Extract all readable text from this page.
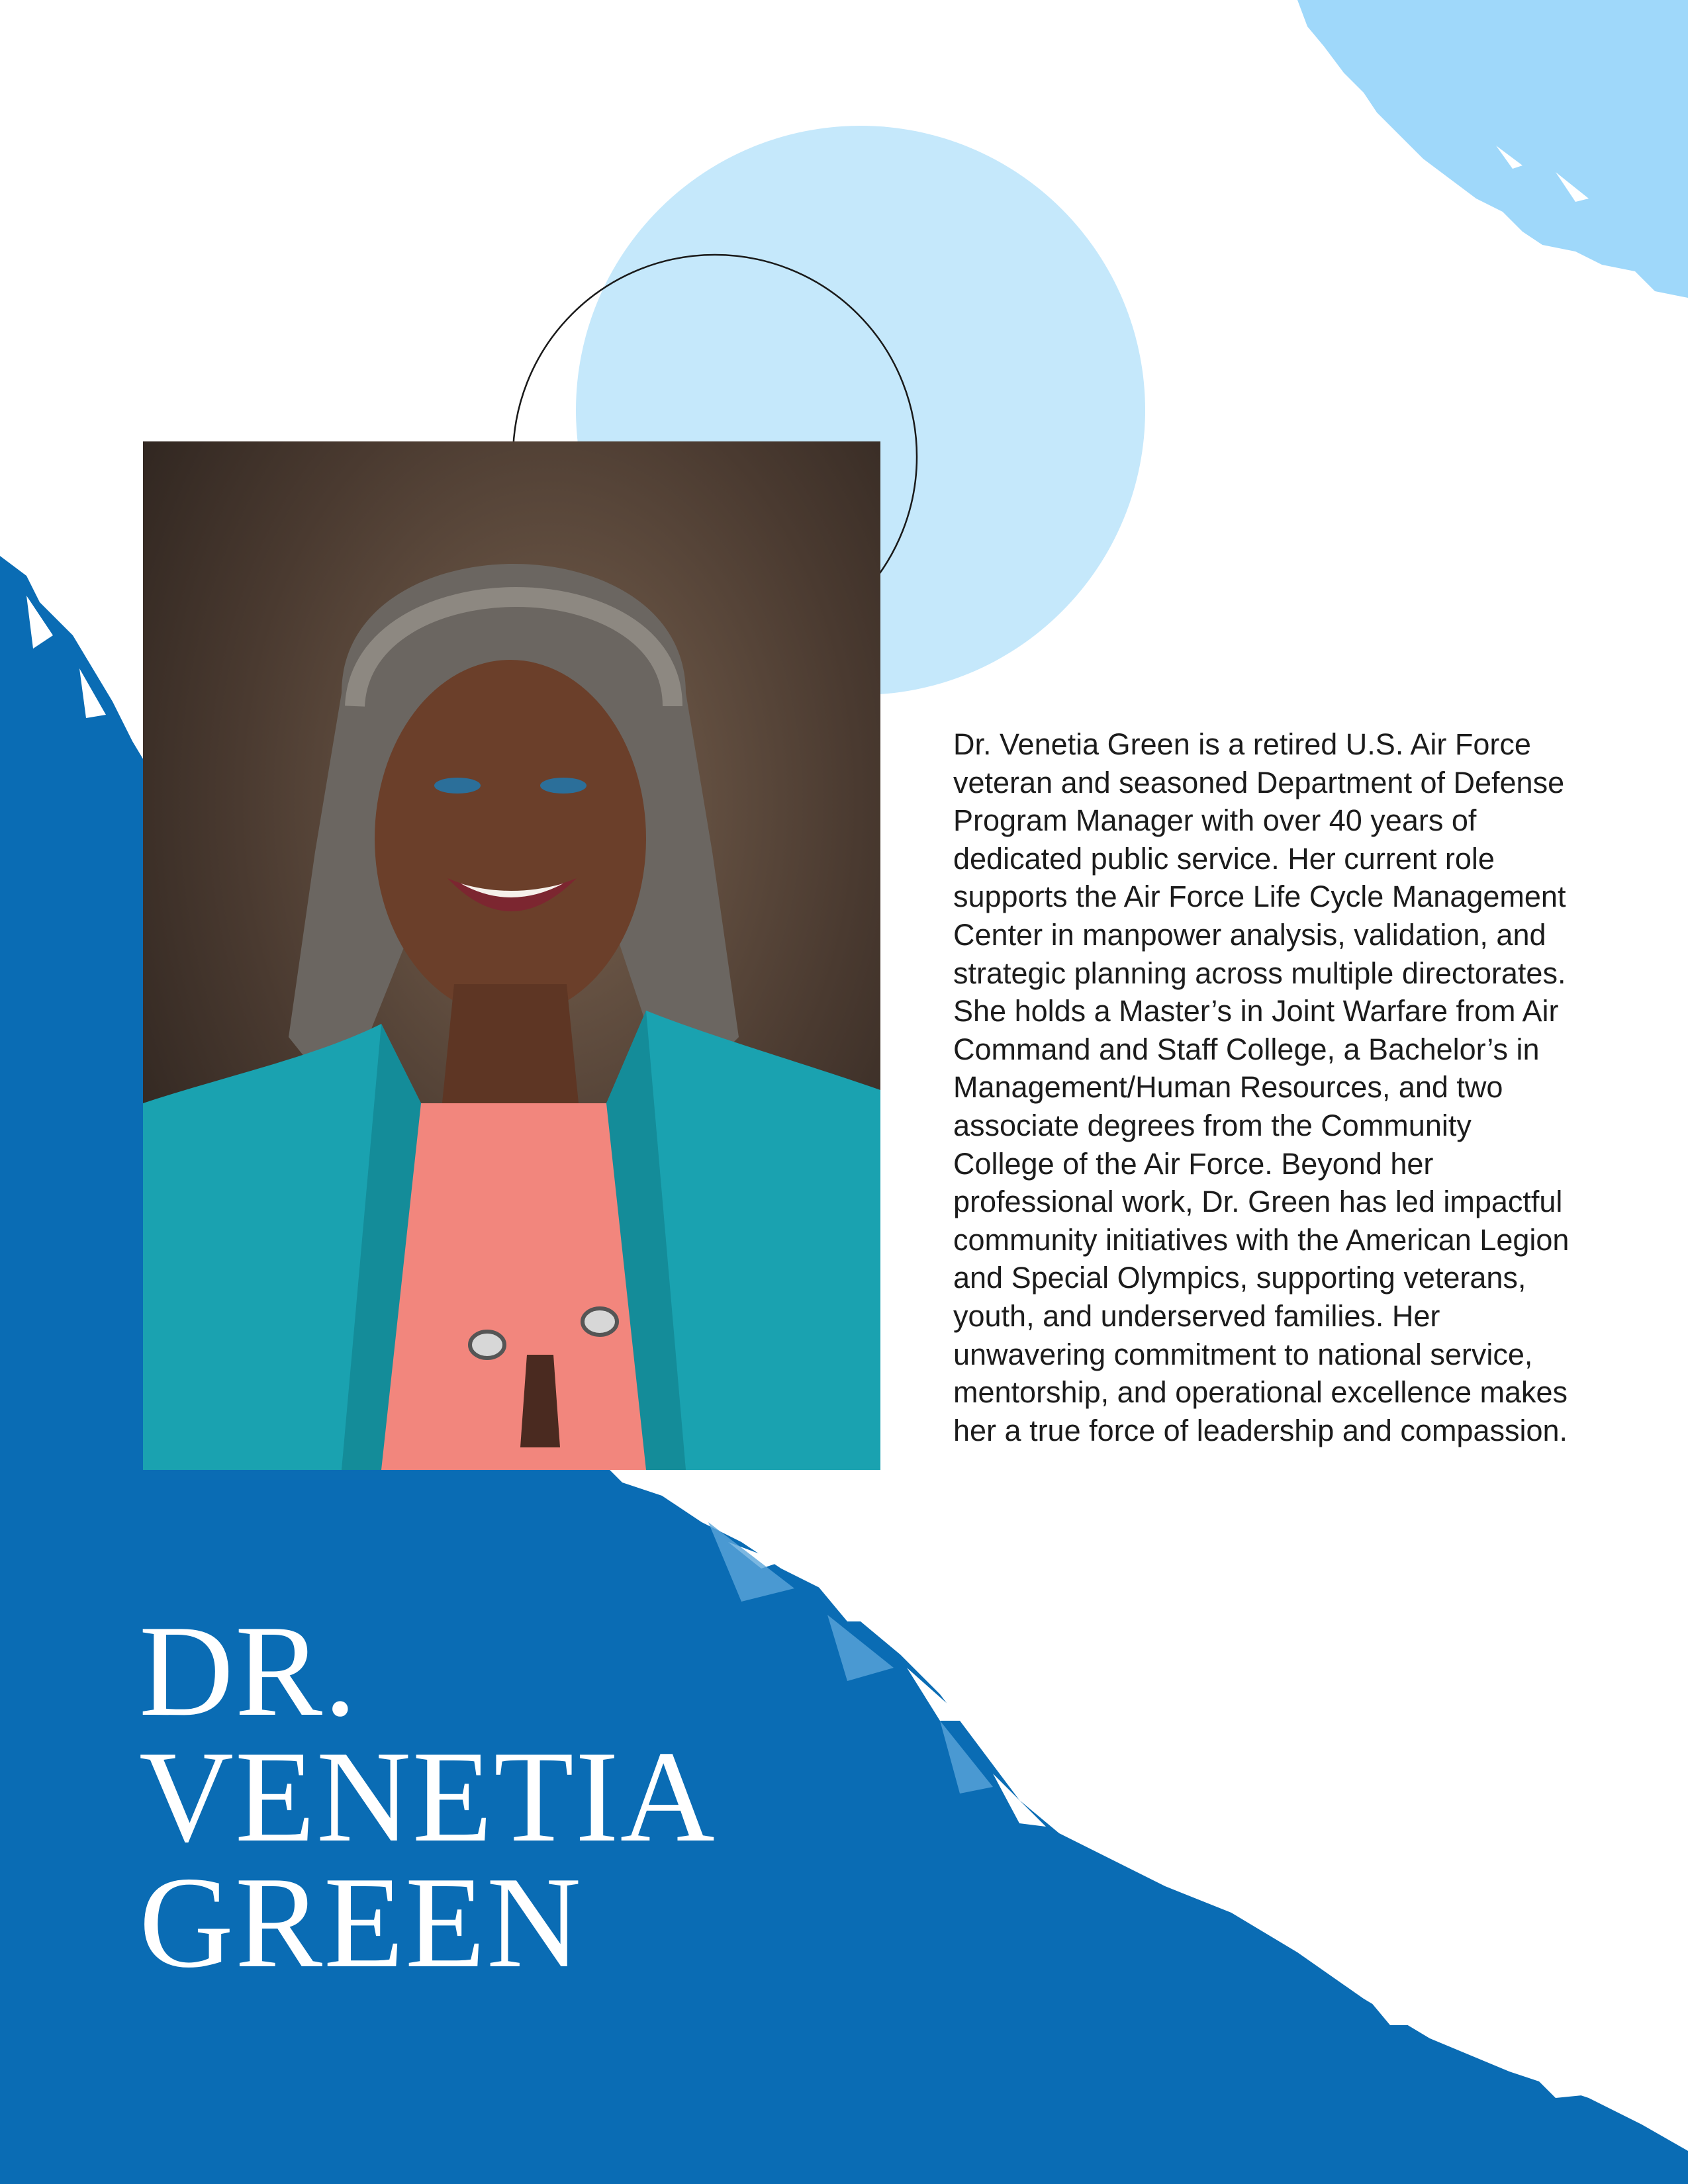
Dr. Venetia Green is a retired U.S. Air Force veteran and seasoned Department of Defense Program Manager with over 40 years of dedicated public service. Her current role supports the Air Force Life Cycle Management Center in manpower analysis, validation, and strategic planning across multiple directorates. She holds a Master’s in Joint Warfare from Air Command and Staff College, a Bachelor’s in Management/Human Resources, and two associate degrees from the Community College of the Air Force. Beyond her professional work, Dr. Green has led impactful community initiatives with the American Legion and Special Olympics, supporting veterans, youth, and underserved families. Her unwavering commitment to national service, mentorship, and operational excellence makes her a true force of leadership and compassion.

DR.
VENETIA
GREEN
